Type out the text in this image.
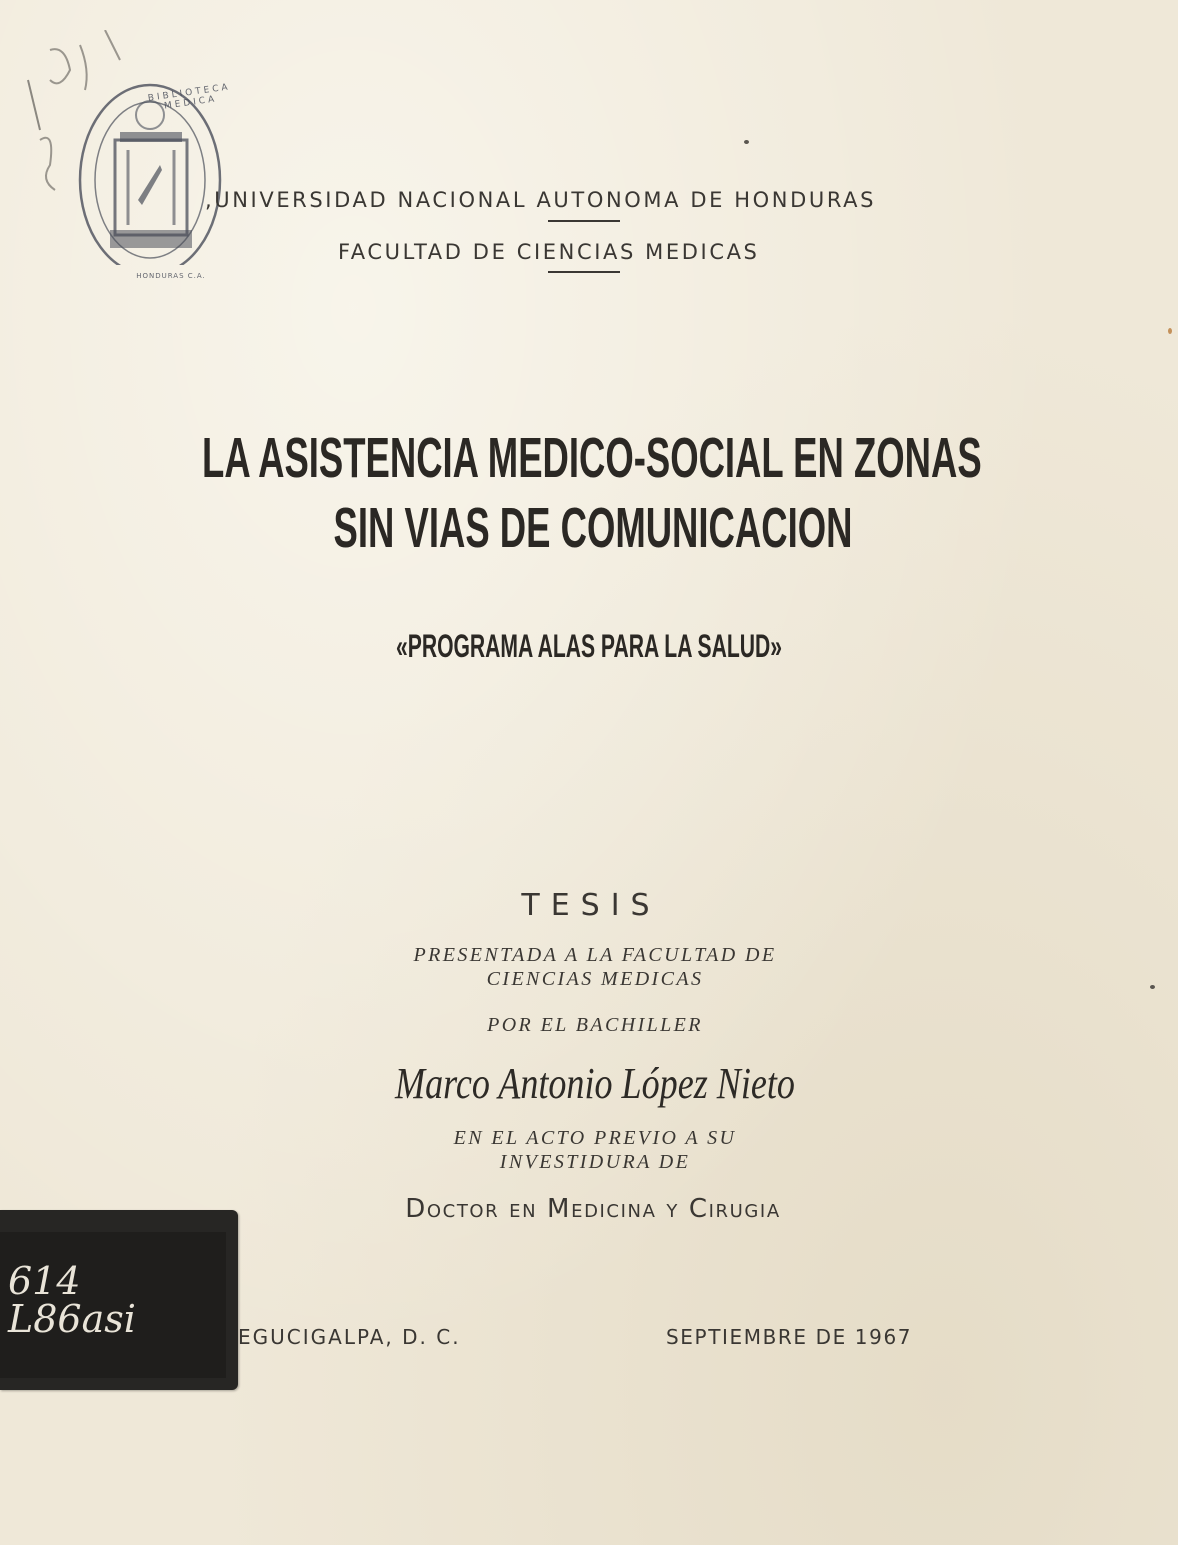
BIBLIOTECA MEDICA
HONDURAS C.A.
,UNIVERSIDAD NACIONAL AUTONOMA DE HONDURAS
FACULTAD DE CIENCIAS MEDICAS
LA ASISTENCIA MEDICO-SOCIAL EN ZONAS
SIN VIAS DE COMUNICACION
«PROGRAMA ALAS PARA LA SALUD»
TESIS
PRESENTADA A LA FACULTAD DE
CIENCIAS MEDICAS
POR EL BACHILLER
Marco Antonio López Nieto
EN EL ACTO PREVIO A SU
INVESTIDURA DE
Doctor en Medicina y Cirugia
EGUCIGALPA, D. C.	SEPTIEMBRE DE 1967
614
L86asi
